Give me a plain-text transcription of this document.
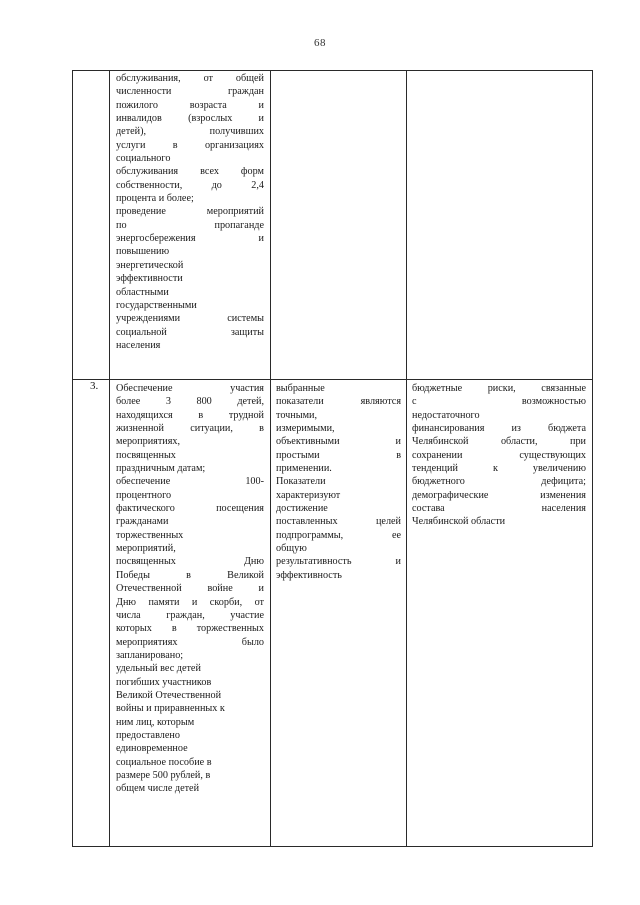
68
обслуживания, от общей
численности граждан
пожилого возраста и
инвалидов (взрослых и
детей), получивших
услуги в организациях
социального
обслуживания всех форм
собственности, до 2,4
процента и более;
проведение мероприятий
по пропаганде
энергосбережения и
повышению
энергетической
эффективности
областными
государственными
учреждениями системы
социальной защиты
населения
3. Обеспечение участия
более 3 800 детей,
находящихся в трудной
жизненной ситуации, в
мероприятиях,
посвященных
праздничным датам;
обеспечение 100-
процентного
фактического посещения
гражданами
торжественных
мероприятий,
посвященных Дню
Победы в Великой
Отечественной войне и
Дню памяти и скорби, от
числа граждан, участие
которых в торжественных
мероприятиях было
запланировано;
удельный вес детей
погибших участников
Великой Отечественной
войны и приравненных к
ним лиц, которым
предоставлено
единовременное
социальное пособие в
размере 500 рублей, в
общем числе детей
выбранные
показатели являются
точными,
измеримыми,
объективными и
простыми в
применении.
Показатели
характеризуют
достижение
поставленных целей
подпрограммы, ее
общую
результативность и
эффективность
бюджетные риски, связанные
с возможностью
недостаточного
финансирования из бюджета
Челябинской области, при
сохранении существующих
тенденций к увеличению
бюджетного дефицита;
демографические изменения
состава населения
Челябинской области
